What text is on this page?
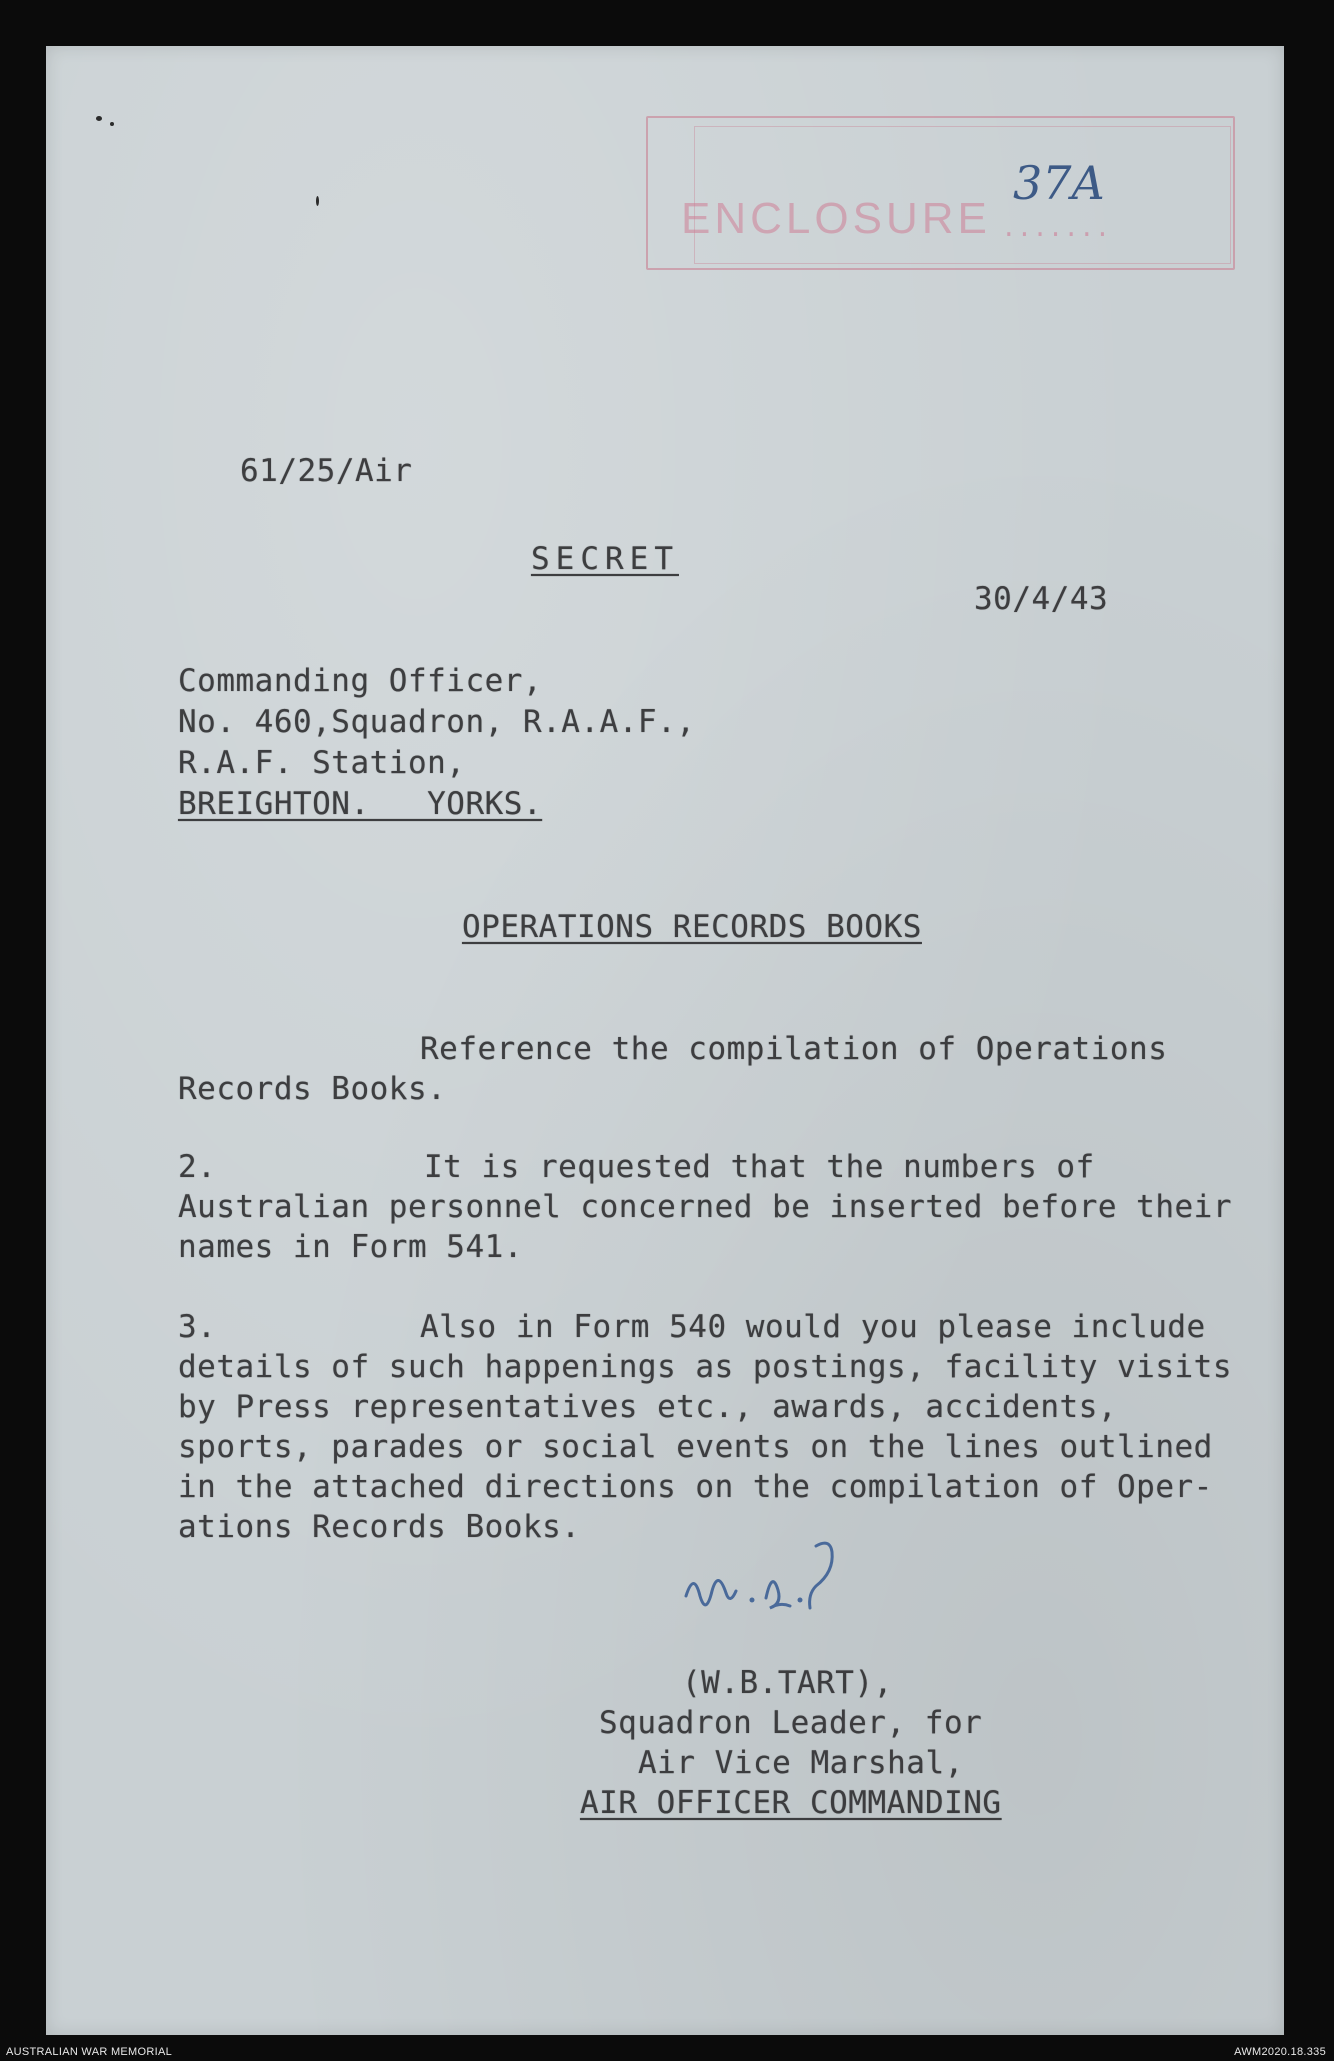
ENCLOSURE .......
37A
61/25/Air
SECRET
30/4/43
Commanding Officer,
No. 460,Squadron, R.A.A.F.,
R.A.F. Station,
BREIGHTON.   YORKS.
OPERATIONS RECORDS BOOKS
Reference the compilation of Operations
Records Books.
2.	It is requested that the numbers of
Australian personnel concerned be inserted before their
names in Form 541.
3.	Also in Form 540 would you please include
details of such happenings as postings, facility visits
by Press representatives etc., awards, accidents,
sports, parades or social events on the lines outlined
in the attached directions on the compilation of Oper-
ations Records Books.
(W.B.TART),
Squadron Leader, for
Air Vice Marshal,
AIR OFFICER COMMANDING
AUSTRALIAN WAR MEMORIAL	AWM2020.18.335
